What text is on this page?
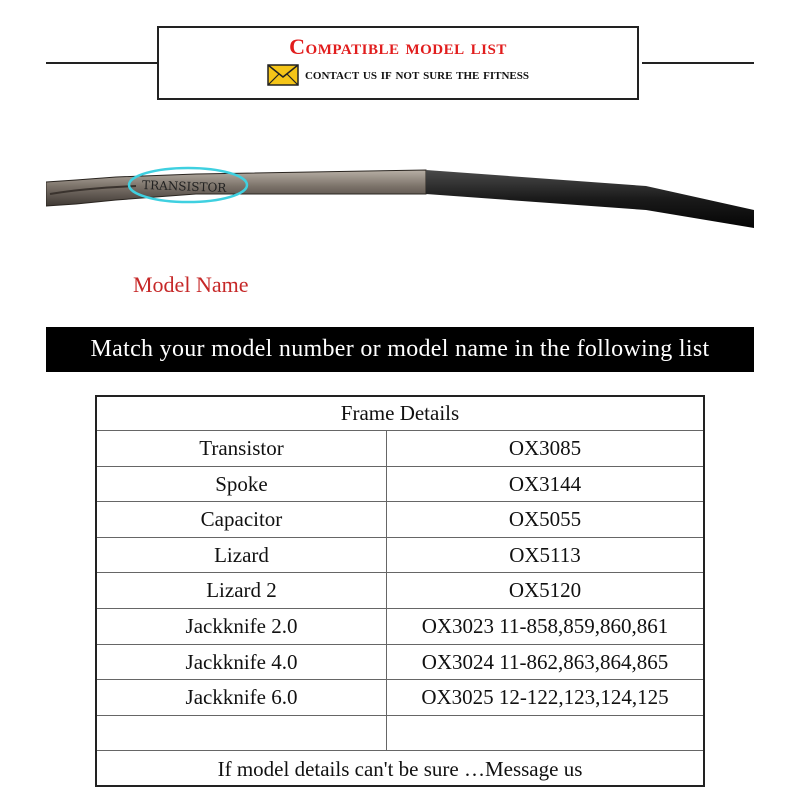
Compatible model list
contact us if not sure the fitness
TRANSISTOR
Model Name
Match your model number or model name in the following list
Frame Details
Transistor	OX3085
Spoke	OX3144
Capacitor	OX5055
Lizard	OX5113
Lizard 2	OX5120
Jackknife 2.0	OX3023 11-858,859,860,861
Jackknife 4.0	OX3024 11-862,863,864,865
Jackknife 6.0	OX3025 12-122,123,124,125
If model details can't be sure …Message us
